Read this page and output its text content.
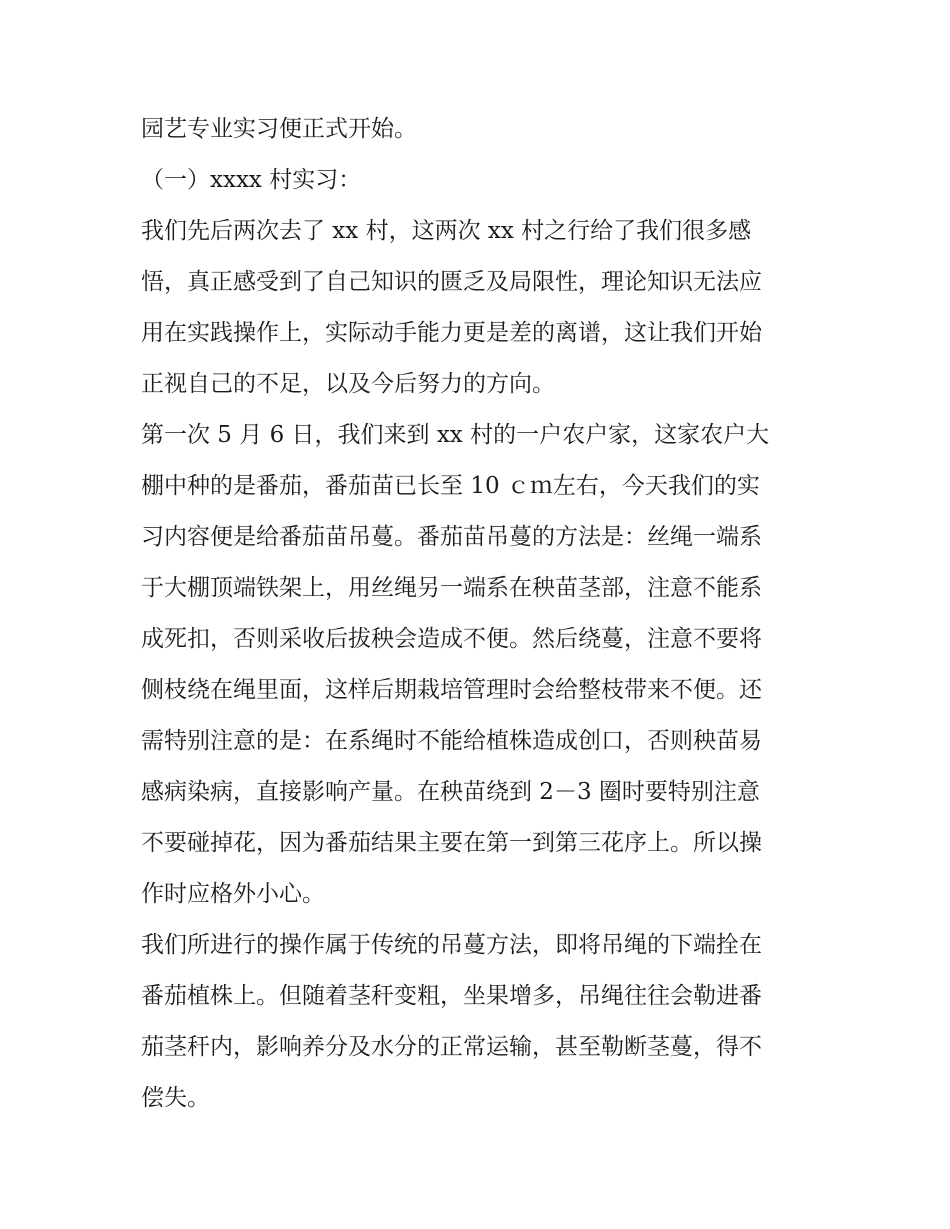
园艺专业实习便正式开始。
（一）xxxx 村实习：
我们先后两次去了 xx 村，这两次 xx 村之行给了我们很多感
悟，真正感受到了自己知识的匮乏及局限性，理论知识无法应
用在实践操作上，实际动手能力更是差的离谱，这让我们开始
正视自己的不足，以及今后努力的方向。
第一次 5 月 6 日，我们来到 xx 村的一户农户家，这家农户大
棚中种的是番茄，番茄苗已长至 10 ｃｍ左右，今天我们的实
习内容便是给番茄苗吊蔓。番茄苗吊蔓的方法是：丝绳一端系
于大棚顶端铁架上，用丝绳另一端系在秧苗茎部，注意不能系
成死扣，否则采收后拔秧会造成不便。然后绕蔓，注意不要将
侧枝绕在绳里面，这样后期栽培管理时会给整枝带来不便。还
需特别注意的是：在系绳时不能给植株造成创口，否则秧苗易
感病染病，直接影响产量。在秧苗绕到 2－3 圈时要特别注意
不要碰掉花，因为番茄结果主要在第一到第三花序上。所以操
作时应格外小心。
我们所进行的操作属于传统的吊蔓方法，即将吊绳的下端拴在
番茄植株上。但随着茎秆变粗，坐果增多，吊绳往往会勒进番
茄茎秆内，影响养分及水分的正常运输，甚至勒断茎蔓，得不
偿失。
